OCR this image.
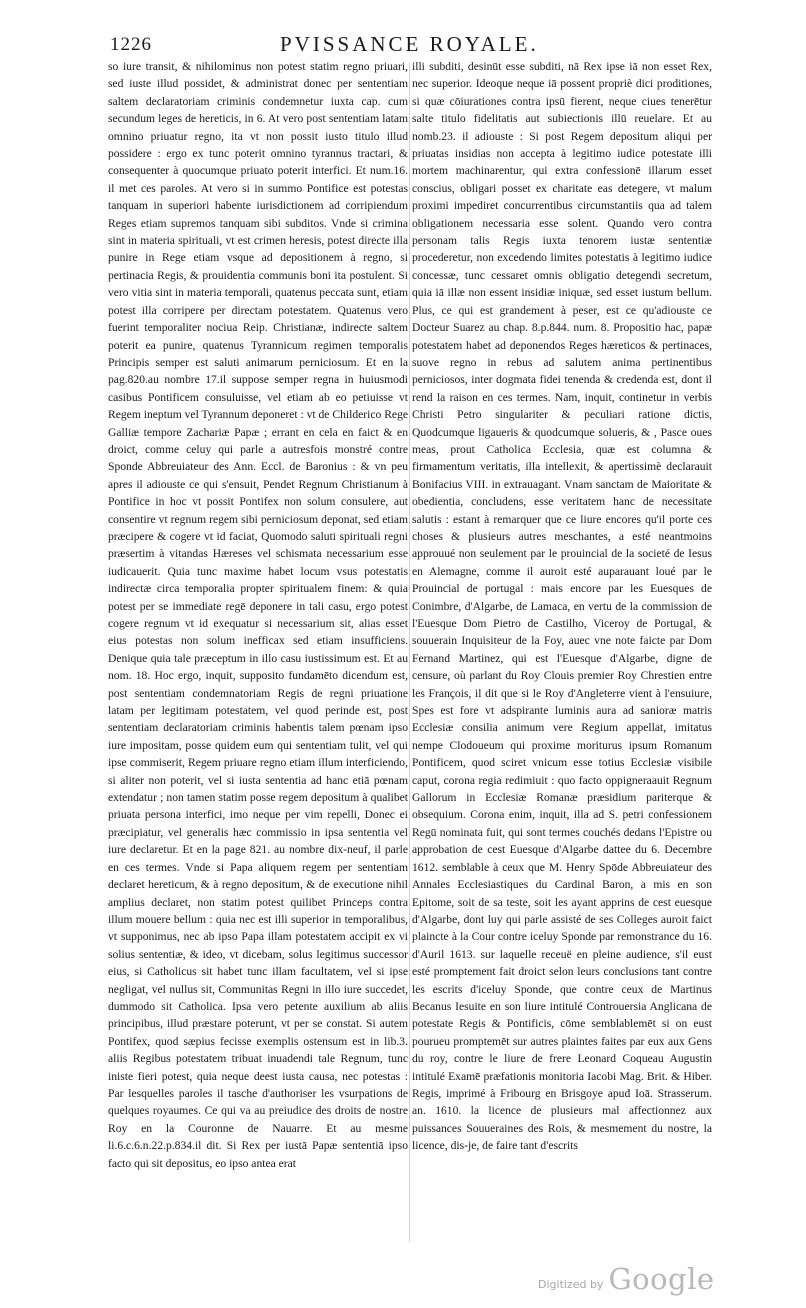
1226	PVISSANCE ROYALE.

so iure transit, & nihilominus non potest statim regno priuari, sed iuste illud possidet, & administrat donec per sententiam saltem declaratoriam criminis condemnetur iuxta cap. cum secundum leges de hereticis, in 6. At vero post sententiam latam omnino priuatur regno, ita vt non possit iusto titulo illud possidere : ergo ex tunc poterit omnino tyrannus tractari, & consequenter à quocumque priuato poterit interfici. Et num.16. il met ces paroles. At vero si in summo Pontifice est potestas tanquam in superiori habente iurisdictionem ad corripiendum Reges etiam supremos tanquam sibi subditos. Vnde si crimina sint in materia spirituali, vt est crimen heresis, potest directe illa punire in Rege etiam vsque ad depositionem à regno, si pertinacia Regis, & prouidentia communis boni ita postulent. Si vero vitia sint in materia temporali, quatenus peccata sunt, etiam potest illa corripere per directam potestatem. Quatenus vero fuerint temporaliter nociua Reip. Christianæ, indirecte saltem poterit ea punire, quatenus Tyrannicum regimen temporalis Principis semper est saluti animarum perniciosum. Et en la pag.820.au nombre 17.il suppose semper regna in huiusmodi casibus Pontificem consuluisse, vel etiam ab eo petiuisse vt Regem ineptum vel Tyrannum deponeret : vt de Childerico Rege Galliæ tempore Zachariæ Papæ ; errant en cela en faict & en droict, comme celuy qui parle a autresfois monstré contre Sponde Abbreuiateur des Ann. Eccl. de Baronius : & vn peu apres il adiouste ce qui s'ensuit, Pendet Regnum Christianum à Pontifice in hoc vt possit Pontifex non solum consulere, aut consentire vt regnum regem sibi perniciosum deponat, sed etiam præcipere & cogere vt id faciat, Quomodo saluti spirituali regni præsertim à vitandas Hæreses vel schismata necessarium esse iudicauerit. Quia tunc maxime habet locum vsus potestatis indirectæ circa temporalia propter spiritualem finem: & quia potest per se immediate regē deponere in tali casu, ergo potest cogere regnum vt id exequatur si necessarium sit, alias esset eius potestas non solum inefficax sed etiam insufficiens. Denique quia tale præceptum in illo casu iustissimum est. Et au nom. 18. Hoc ergo, inquit, supposito fundamēto dicendum est, post sententiam condemnatoriam Regis de regni priuatione latam per legitimam potestatem, vel quod perinde est, post sententiam declaratoriam criminis habentis talem pœnam ipso iure impositam, posse quidem eum qui sententiam tulit, vel qui ipse commiserit, Regem priuare regno etiam illum interficiendo, si aliter non poterit, vel si iusta sententia ad hanc etiā pœnam extendatur ; non tamen statim posse regem depositum à qualibet priuata persona interfici, imo neque per vim repelli, Donec ei præcipiatur, vel generalis hæc commissio in ipsa sententia vel iure declaretur. Et en la page 821. au nombre dix-neuf, il parle en ces termes. Vnde si Papa aliquem regem per sententiam declaret hereticum, & à regno depositum, & de executione nihil amplius declaret, non statim potest quilibet Princeps contra illum mouere bellum : quia nec est illi superior in temporalibus, vt supponimus, nec ab ipso Papa illam potestatem accipit ex vi solius sententiæ, & ideo, vt dicebam, solus legitimus successor eius, si Catholicus sit habet tunc illam facultatem, vel si ipse negligat, vel nullus sit, Communitas Regni in illo iure succedet, dummodo sit Catholica. Ipsa vero petente auxilium ab aliis principibus, illud præstare poterunt, vt per se constat. Si autem Pontifex, quod sæpius fecisse exemplis ostensum est in lib.3. aliis Regibus potestatem tribuat inuadendi tale Regnum, tunc iniste fieri potest, quia neque deest iusta causa, nec potestas : Par lesquelles paroles il tasche d'authoriser les vsurpations de quelques royaumes. Ce qui va au preiudice des droits de nostre Roy en la Couronne de Nauarre. Et au mesme li.6.c.6.n.22.p.834.il dit. Si Rex per iustā Papæ sententiā ipso facto qui sit depositus, eo ipso antea erat

illi subditi, desinūt esse subditi, nā Rex ipse iā non esset Rex, nec superior. Ideoque neque iā possent propriè dici proditiones, si quæ cōiurationes contra ipsū fierent, neque ciues tenerētur salte titulo fidelitatis aut subiectionis illū reuelare. Et au nomb.23. il adiouste : Si post Regem depositum aliqui per priuatas insidias non accepta à legitimo iudice potestate illi mortem machinarentur, qui extra confessionē illarum esset conscius, obligari posset ex charitate eas detegere, vt malum proximi impediret concurrentibus circumstantiis qua ad talem obligationem necessaria esse solent. Quando vero contra personam talis Regis iuxta tenorem iustæ sententiæ procederetur, non excedendo limites potestatis à legitimo iudice concessæ, tunc cessaret omnis obligatio detegendi secretum, quia iā illæ non essent insidiæ iniquæ, sed esset iustum bellum. Plus, ce qui est grandement à peser, est ce qu'adiouste ce Docteur Suarez au chap. 8.p.844. num. 8. Propositio hac, papæ potestatem habet ad deponendos Reges hæreticos & pertinaces, suove regno in rebus ad salutem anima pertinentibus perniciosos, inter dogmata fidei tenenda & credenda est, dont il rend la raison en ces termes. Nam, inquit, continetur in verbis Christi Petro singulariter & peculiari ratione dictis, Quodcumque ligaueris & quodcumque solueris, & , Pasce oues meas, prout Catholica Ecclesia, quæ est columna & firmamentum veritatis, illa intellexit, & apertissimè declarauit Bonifacius VIII. in extrauagant. Vnam sanctam de Maioritate & obedientia, concludens, esse veritatem hanc de necessitate salutis : estant à remarquer que ce liure encores qu'il porte ces choses & plusieurs autres meschantes, a esté neantmoins approuué non seulement par le prouincial de la societé de Iesus en Alemagne, comme il auroit esté auparauant loué par le Prouincial de portugal : mais encore par les Euesques de Conimbre, d'Algarbe, de Lamaca, en vertu de la commission de l'Euesque Dom Pietro de Castilho, Viceroy de Portugal, & souuerain Inquisiteur de la Foy, auec vne note faicte par Dom Fernand Martinez, qui est l'Euesque d'Algarbe, digne de censure, où parlant du Roy Clouis premier Roy Chrestien entre les François, il dit que si le Roy d'Angleterre vient à l'ensuiure, Spes est fore vt adspirante luminis aura ad sanioræ matris Ecclesiæ consilia animum vere Regium appellat, imitatus nempe Clodoueum qui proxime moriturus ipsum Romanum Pontificem, quod sciret vnicum esse totius Ecclesiæ visibile caput, corona regia redimiuit : quo facto oppigneraauit Regnum Gallorum in Ecclesiæ Romanæ præsidium pariterque & obsequium. Corona enim, inquit, illa ad S. petri confessionem Regū nominata fuit, qui sont termes couchés dedans l'Epistre ou approbation de cest Euesque d'Algarbe dattee du 6. Decembre 1612. semblable à ceux que M. Henry Spōde Abbreuiateur des Annales Ecclesiastiques du Cardinal Baron, a mis en son Epitome, soit de sa teste, soit les ayant apprins de cest euesque d'Algarbe, dont luy qui parle assisté de ses Colleges auroit faict plaincte à la Cour contre iceluy Sponde par remonstrance du 16. d'Auril 1613. sur laquelle receuë en pleine audience, s'il eust esté promptement fait droict selon leurs conclusions tant contre les escrits d'iceluy Sponde, que contre ceux de Martinus Becanus Iesuite en son liure intitulé Controuersia Anglicana de potestate Regis & Pontificis, cōme semblablemēt si on eust pourueu promptemēt sur autres plaintes faites par eux aux Gens du roy, contre le liure de frere Leonard Coqueau Augustin intitulé Examē præfationis monitoria Iacobi Mag. Brit. & Hiber. Regis, imprimé à Fribourg en Brisgoye apud Ioā. Strasserum. an. 1610. la licence de plusieurs mal affectionnez aux puissances Souueraines des Rois, & mesmement du nostre, la licence, dis-je, de faire tant d'escrits

Digitized by Google
